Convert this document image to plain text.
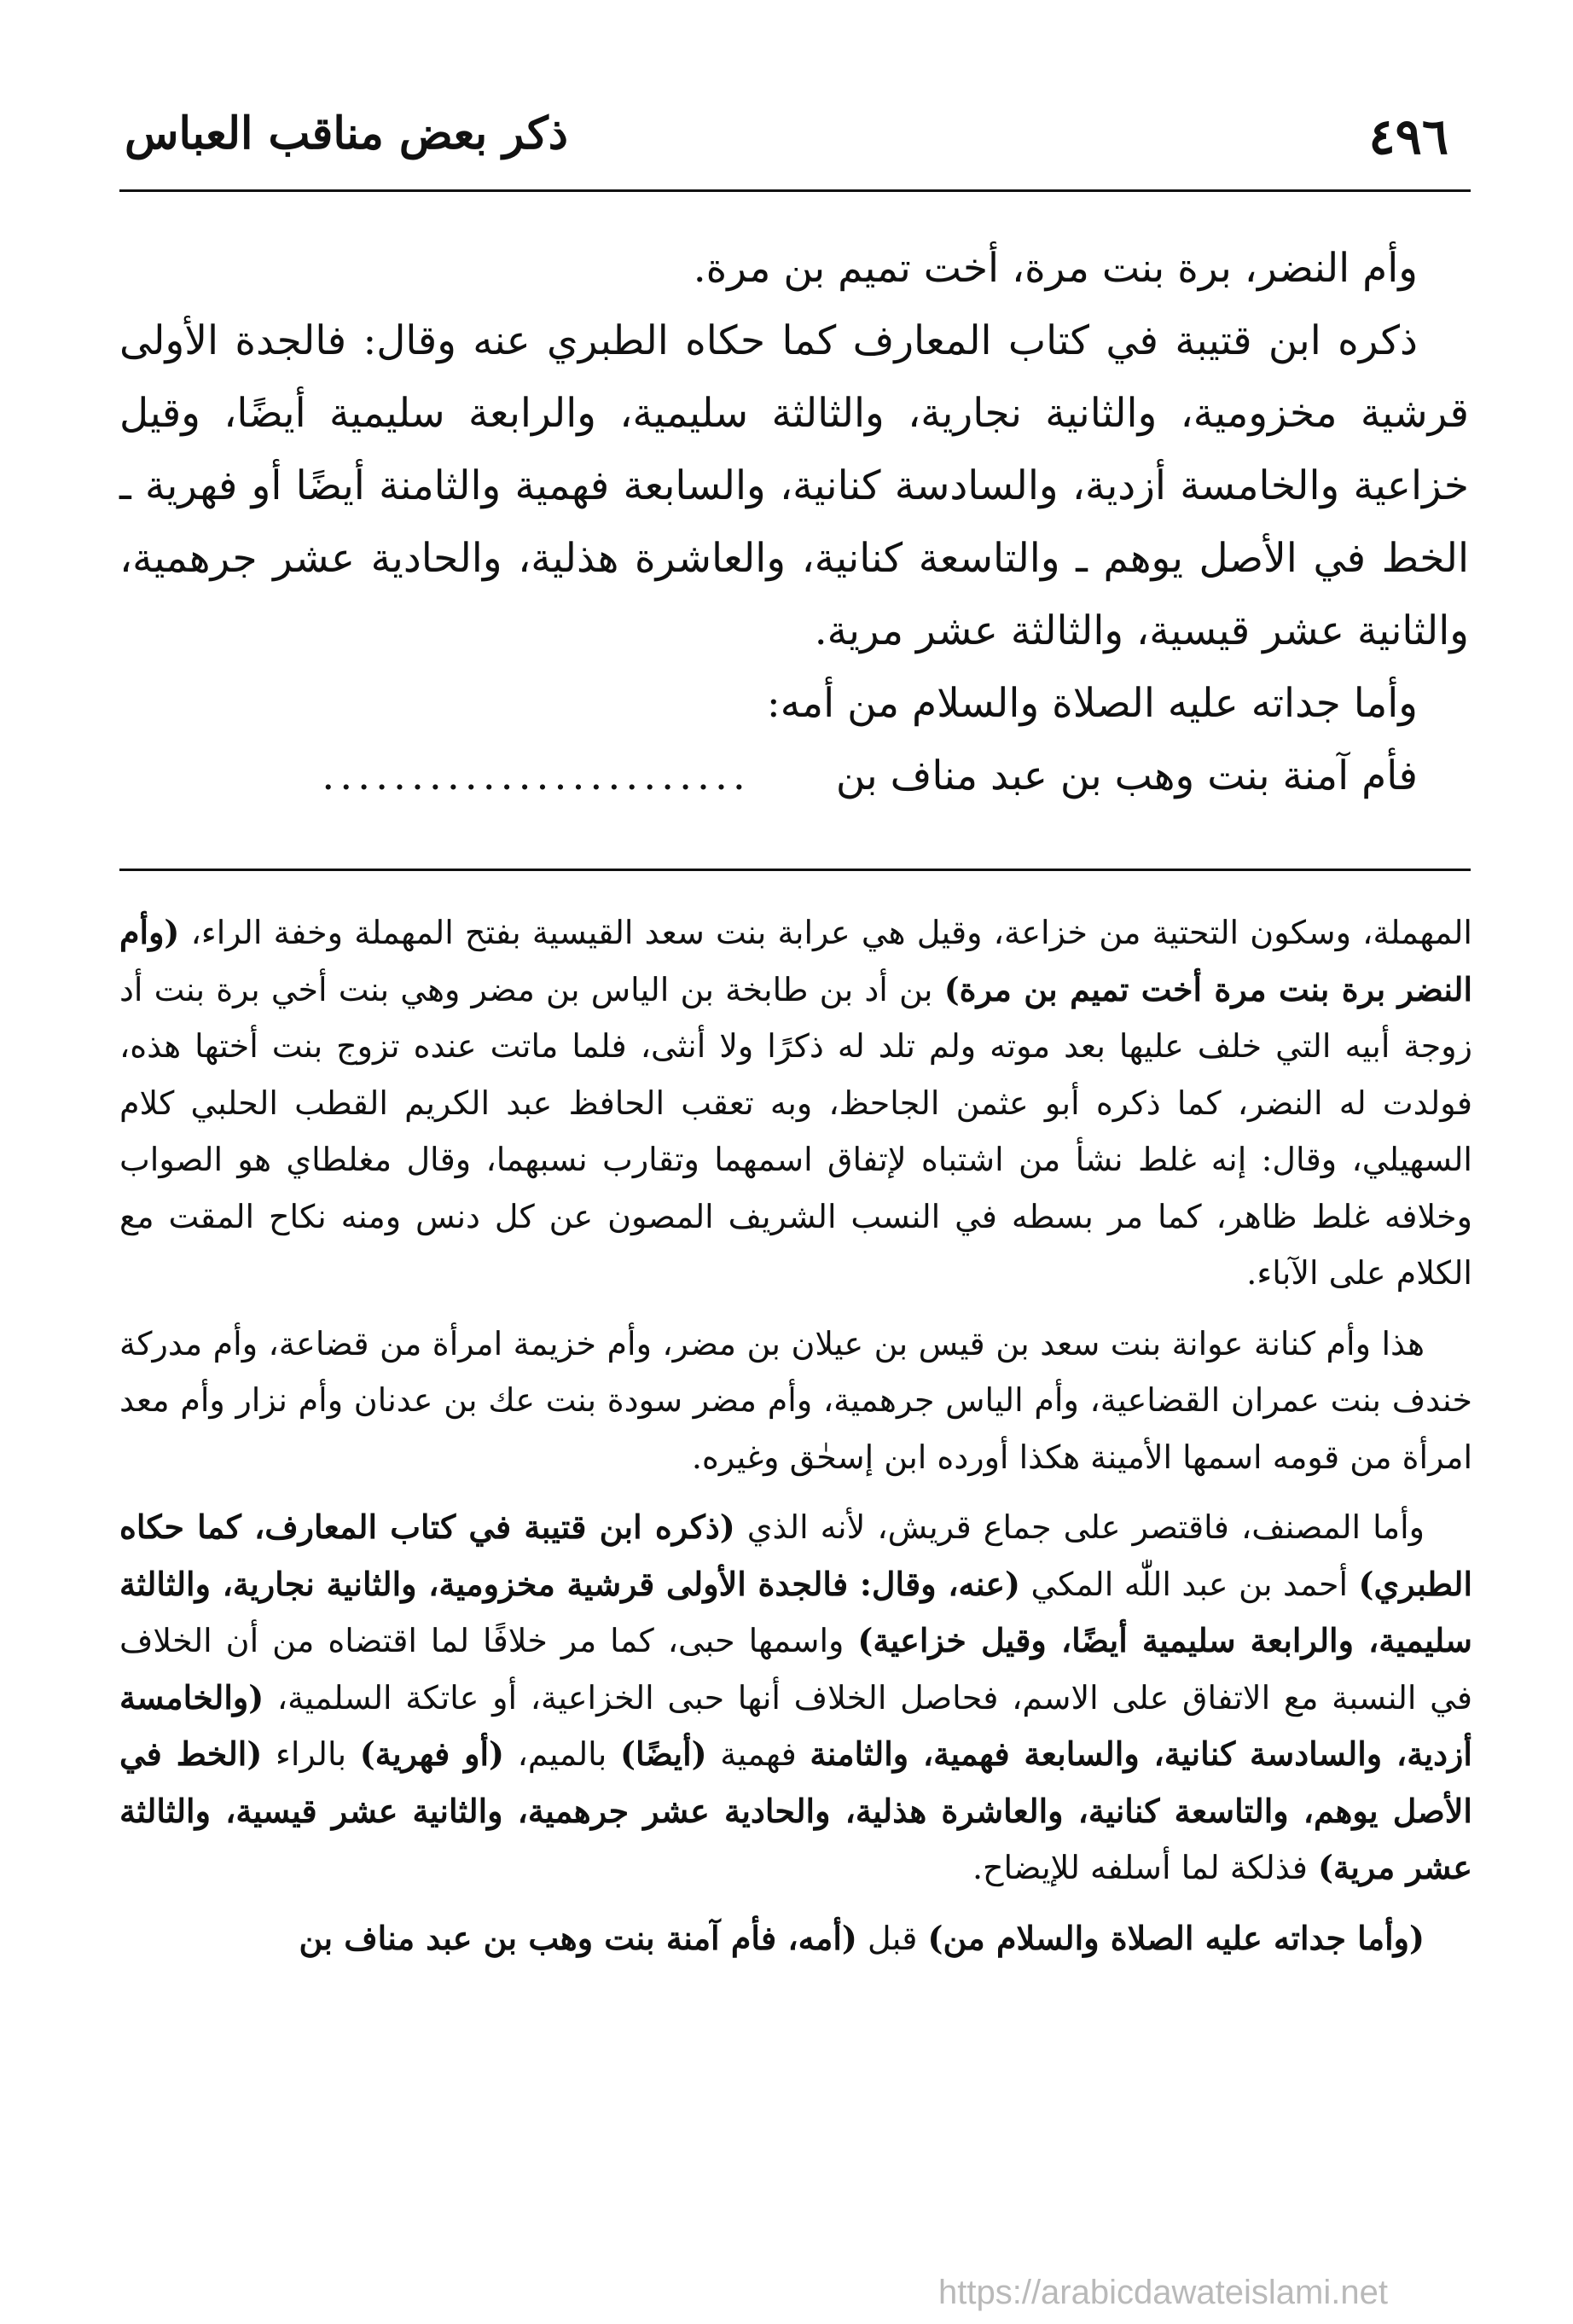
٤٩٦
ذكر بعض مناقب العباس

وأم النضر، برة بنت مرة، أخت تميم بن مرة.

ذكره ابن قتيبة في كتاب المعارف كما حكاه الطبري عنه وقال: فالجدة الأولى قرشية مخزومية، والثانية نجارية، والثالثة سليمية، والرابعة سليمية أيضًا، وقيل خزاعية والخامسة أزدية، والسادسة كنانية، والسابعة فهمية والثامنة أيضًا أو فهرية ـ الخط في الأصل يوهم ـ والتاسعة كنانية، والعاشرة هذلية، والحادية عشر جرهمية، والثانية عشر قيسية، والثالثة عشر مرية.

وأما جداته عليه الصلاة والسلام من أمه:

فأم آمنة بنت وهب بن عبد مناف بن
........................

المهملة، وسكون التحتية من خزاعة، وقيل هي عرابة بنت سعد القيسية بفتح المهملة وخفة الراء، (وأم النضر برة بنت مرة أخت تميم بن مرة) بن أد بن طابخة بن الياس بن مضر وهي بنت أخي برة بنت أد زوجة أبيه التي خلف عليها بعد موته ولم تلد له ذكرًا ولا أنثى، فلما ماتت عنده تزوج بنت أختها هذه، فولدت له النضر، كما ذكره أبو عثمن الجاحظ، وبه تعقب الحافظ عبد الكريم القطب الحلبي كلام السهيلي، وقال: إنه غلط نشأ من اشتباه لإتفاق اسمهما وتقارب نسبهما، وقال مغلطاي هو الصواب وخلافه غلط ظاهر، كما مر بسطه في النسب الشريف المصون عن كل دنس ومنه نكاح المقت مع الكلام على الآباء.

هذا وأم كنانة عوانة بنت سعد بن قيس بن عيلان بن مضر، وأم خزيمة امرأة من قضاعة، وأم مدركة خندف بنت عمران القضاعية، وأم الياس جرهمية، وأم مضر سودة بنت عك بن عدنان وأم نزار وأم معد امرأة من قومه اسمها الأمينة هكذا أورده ابن إسحٰق وغيره.

وأما المصنف، فاقتصر على جماع قريش، لأنه الذي (ذكره ابن قتيبة في كتاب المعارف، كما حكاه الطبري) أحمد بن عبد اللّٰه المكي (عنه، وقال: فالجدة الأولى قرشية مخزومية، والثانية نجارية، والثالثة سليمية، والرابعة سليمية أيضًا، وقيل خزاعية) واسمها حبى، كما مر خلافًا لما اقتضاه من أن الخلاف في النسبة مع الاتفاق على الاسم، فحاصل الخلاف أنها حبى الخزاعية، أو عاتكة السلمية، (والخامسة أزدية، والسادسة كنانية، والسابعة فهمية، والثامنة فهمية (أيضًا) بالميم، (أو فهرية) بالراء (الخط في الأصل يوهم، والتاسعة كنانية، والعاشرة هذلية، والحادية عشر جرهمية، والثانية عشر قيسية، والثالثة عشر مرية) فذلكة لما أسلفه للإيضاح.

(وأما جداته عليه الصلاة والسلام من) قبل (أمه، فأم آمنة بنت وهب بن عبد مناف بن

https://arabicdawateislami.net
